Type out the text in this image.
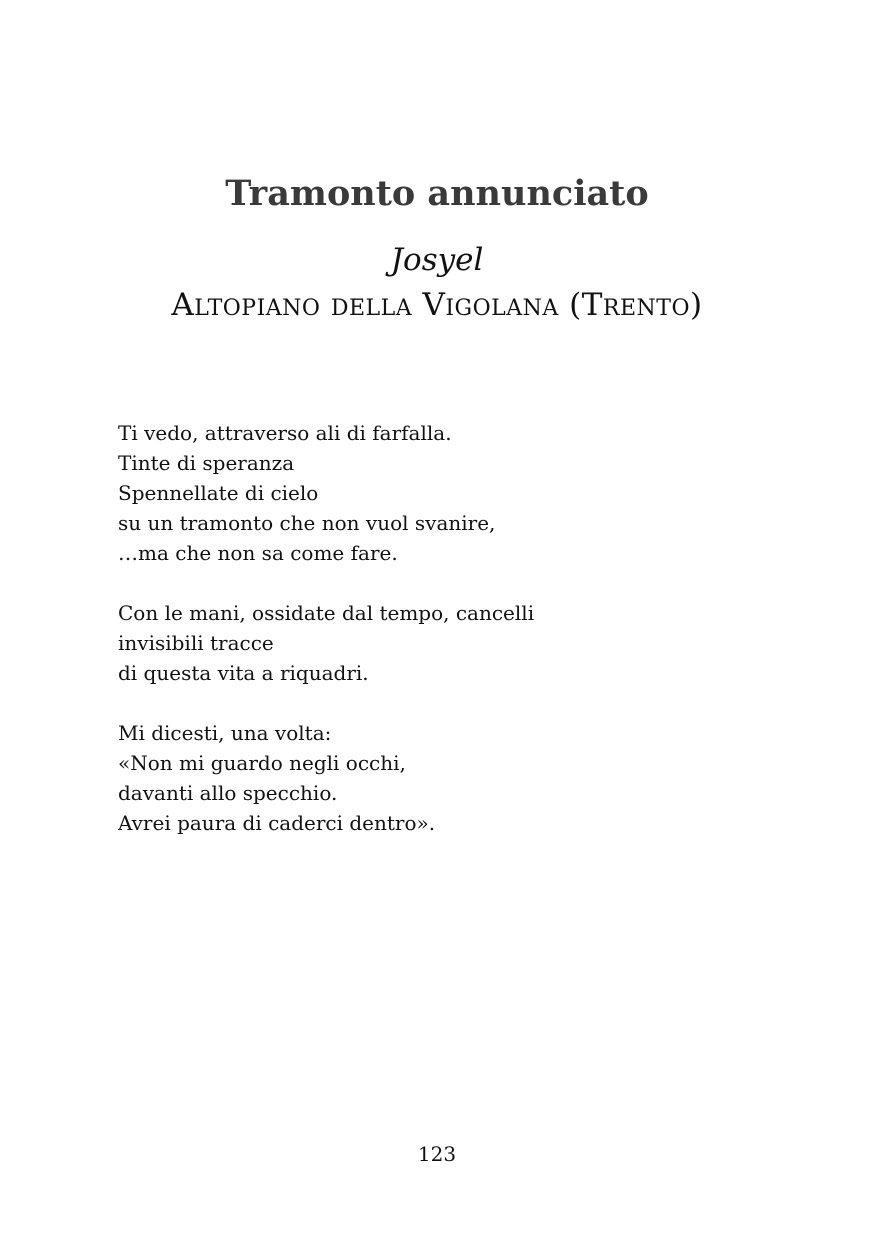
Tramonto annunciato
Josyel
Altopiano della Vigolana (Trento)
Ti vedo, attraverso ali di farfalla.
Tinte di speranza
Spennellate di cielo
su un tramonto che non vuol svanire,
…ma che non sa come fare.
Con le mani, ossidate dal tempo, cancelli
invisibili tracce
di questa vita a riquadri.
Mi dicesti, una volta:
«Non mi guardo negli occhi,
davanti allo specchio.
Avrei paura di caderci dentro».
123
